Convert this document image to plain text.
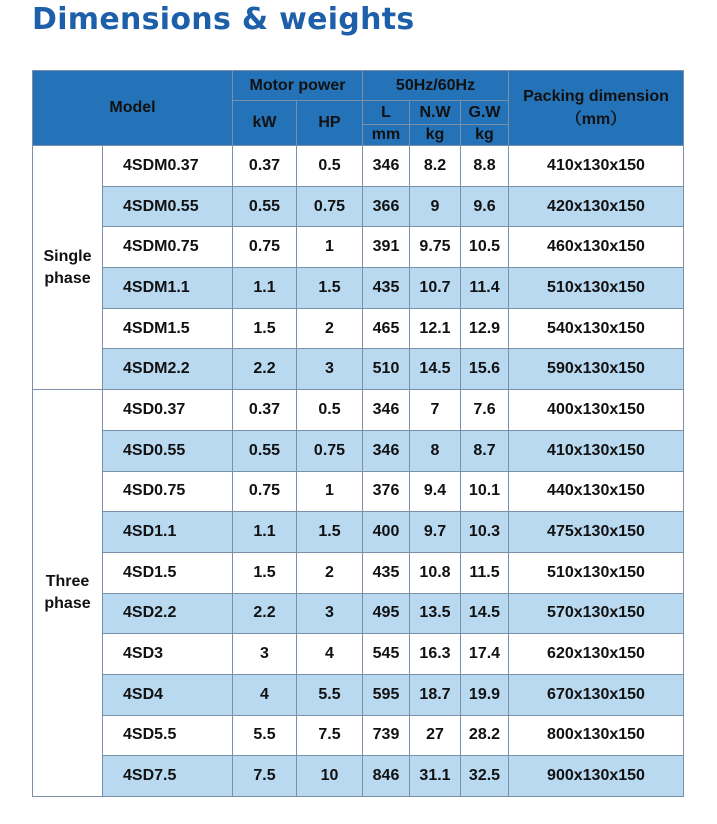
Dimensions & weights
Model		Motor power		50Hz/60Hz			Packing dimension
（mm）

		kW	HP	L	N.W	G.W	
				mm	kg	kg	

Single
phase	4SDM0.37	0.37	0.5	346	8.2	8.8	410x130x150
	4SDM0.55	0.55	0.75	366	9	9.6	420x130x150
	4SDM0.75	0.75	1	391	9.75	10.5	460x130x150
	4SDM1.1	1.1	1.5	435	10.7	11.4	510x130x150
	4SDM1.5	1.5	2	465	12.1	12.9	540x130x150
	4SDM2.2	2.2	3	510	14.5	15.6	590x130x150

Three
phase	4SD0.37	0.37	0.5	346	7	7.6	400x130x150
	4SD0.55	0.55	0.75	346	8	8.7	410x130x150
	4SD0.75	0.75	1	376	9.4	10.1	440x130x150
	4SD1.1	1.1	1.5	400	9.7	10.3	475x130x150
	4SD1.5	1.5	2	435	10.8	11.5	510x130x150
	4SD2.2	2.2	3	495	13.5	14.5	570x130x150
	4SD3	3	4	545	16.3	17.4	620x130x150
	4SD4	4	5.5	595	18.7	19.9	670x130x150
	4SD5.5	5.5	7.5	739	27	28.2	800x130x150
	4SD7.5	7.5	10	846	31.1	32.5	900x130x150
